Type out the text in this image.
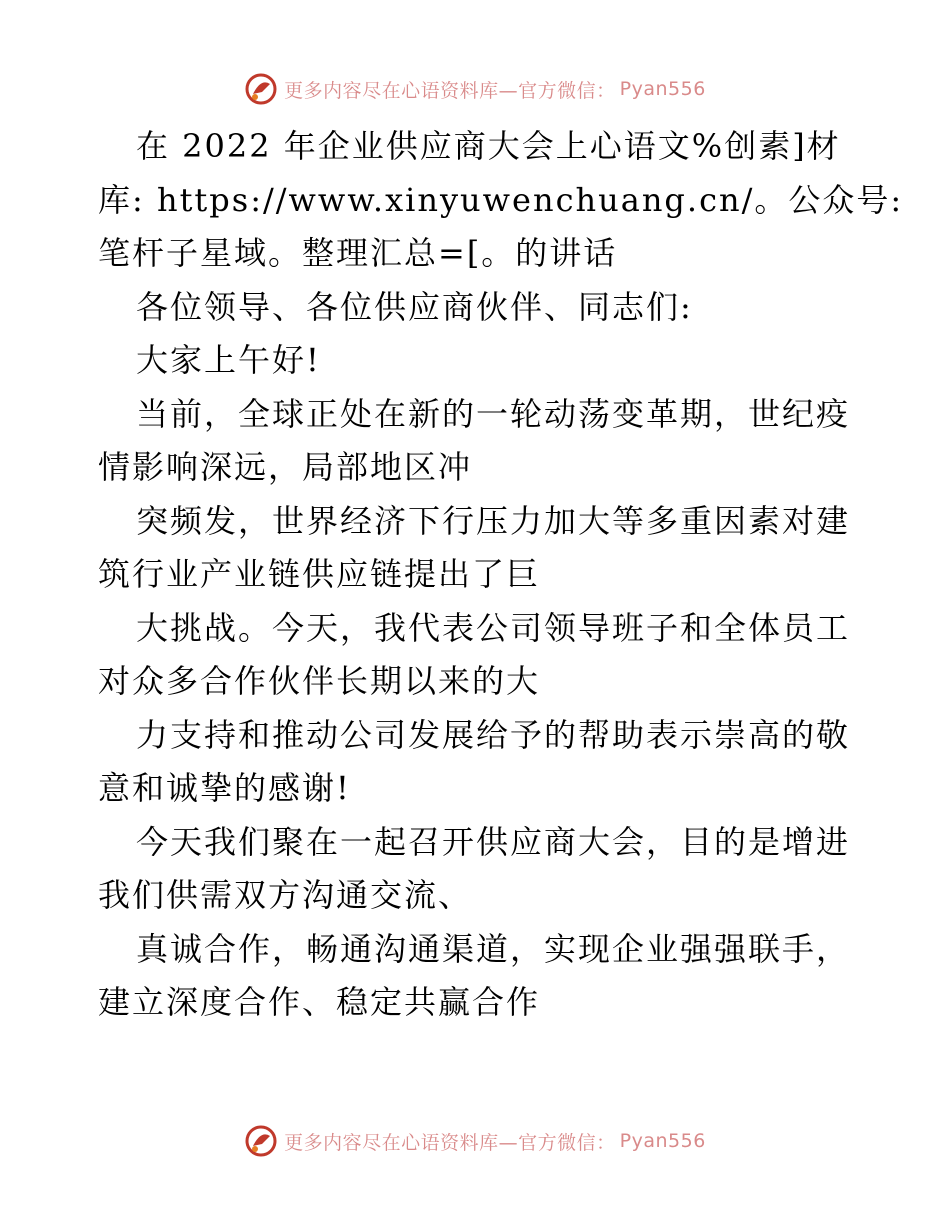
更多内容尽在心语资料库—官方微信： Pyan556
在 2022 年企业供应商大会上心语文%创素]材
库: https://www.xinyuwenchuang.cn/。公众号:
笔杆子星域。整理汇总=[。的讲话
各位领导、各位供应商伙伴、同志们:
大家上午好!
当前，全球正处在新的一轮动荡变革期，世纪疫
情影响深远，局部地区冲
突频发，世界经济下行压力加大等多重因素对建
筑行业产业链供应链提出了巨
大挑战。今天，我代表公司领导班子和全体员工
对众多合作伙伴长期以来的大
力支持和推动公司发展给予的帮助表示崇高的敬
意和诚挚的感谢!
今天我们聚在一起召开供应商大会，目的是增进
我们供需双方沟通交流、
真诚合作，畅通沟通渠道，实现企业强强联手，
建立深度合作、稳定共赢合作
更多内容尽在心语资料库—官方微信： Pyan556
